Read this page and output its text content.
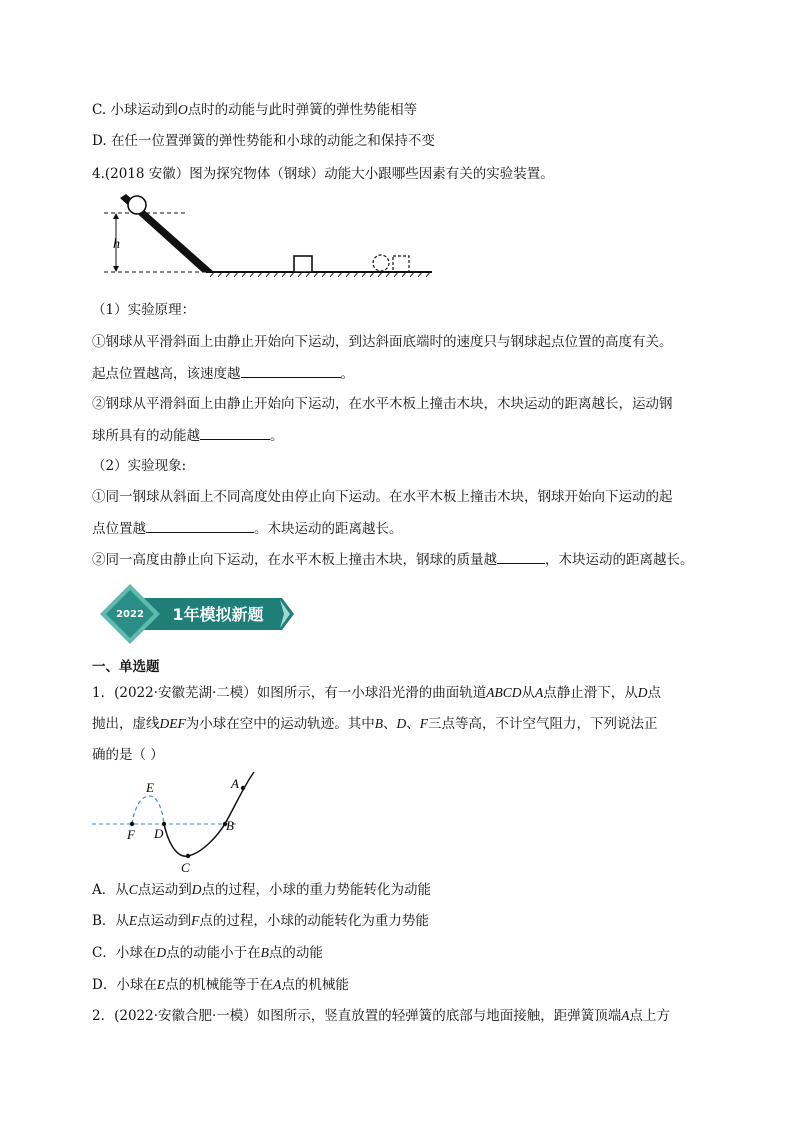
C. 小球运动到O点时的动能与此时弹簧的弹性势能相等
D. 在任一位置弹簧的弹性势能和小球的动能之和保持不变
4.(2018 安徽）图为探究物体（钢球）动能大小跟哪些因素有关的实验装置。
h
（1）实验原理：
①钢球从平滑斜面上由静止开始向下运动，到达斜面底端时的速度只与钢球起点位置的高度有关。
起点位置越高，该速度越	。
②钢球从平滑斜面上由静止开始向下运动，在水平木板上撞击木块，木块运动的距离越长，运动钢
球所具有的动能越	。
（2）实验现象:
①同一钢球从斜面上不同高度处由停止向下运动。在水平木板上撞击木块，钢球开始向下运动的起
点位置越	。木块运动的距离越长。
②同一高度由静止向下运动，在水平木板上撞击木块，钢球的质量越	，木块运动的距离越长。
2022 1年模拟新题
一、单选题
1．(2022·安徽芜湖·二模）如图所示，有一小球沿光滑的曲面轨道ABCD从A点静止滑下，从D点
抛出，虚线DEF为小球在空中的运动轨迹。其中B、D、F三点等高，不计空气阻力，下列说法正
确的是（ ）
A
B
C
D
E
F
A．从C点运动到D点的过程，小球的重力势能转化为动能
B．从E点运动到F点的过程，小球的动能转化为重力势能
C．小球在D点的动能小于在B点的动能
D．小球在E点的机械能等于在A点的机械能
2．(2022·安徽合肥·一模）如图所示，竖直放置的轻弹簧的底部与地面接触，距弹簧顶端A点上方
